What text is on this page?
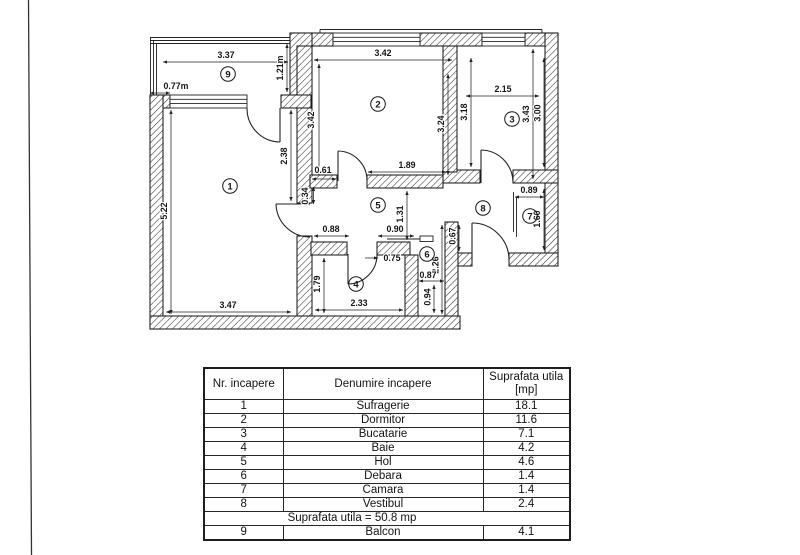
3.37
1.21m
0.77m
3.42
3.42	3.24
1.89
0.61
2.15
3.18	3.43 3.00
5.22
2.38
0.34
3.47
1.31
0.88	0.90
0.75
1.79
2.33
2.26
0.87
0.94
0.67
0.89
1.60
1
2
3
4
5
6
7
8
9
Nr. incapere	Denumire incapere	Suprafata utila
[mp]

1	Sufragerie	18.1
2	Dormitor	11.6
3	Bucatarie	7.1
4	Baie	4.2
5	Hol	4.6
6	Debara	1.4
7	Camara	1.4
8	Vestibul	2.4
Suprafata utila = 50.8 mp		
9	Balcon	4.1
